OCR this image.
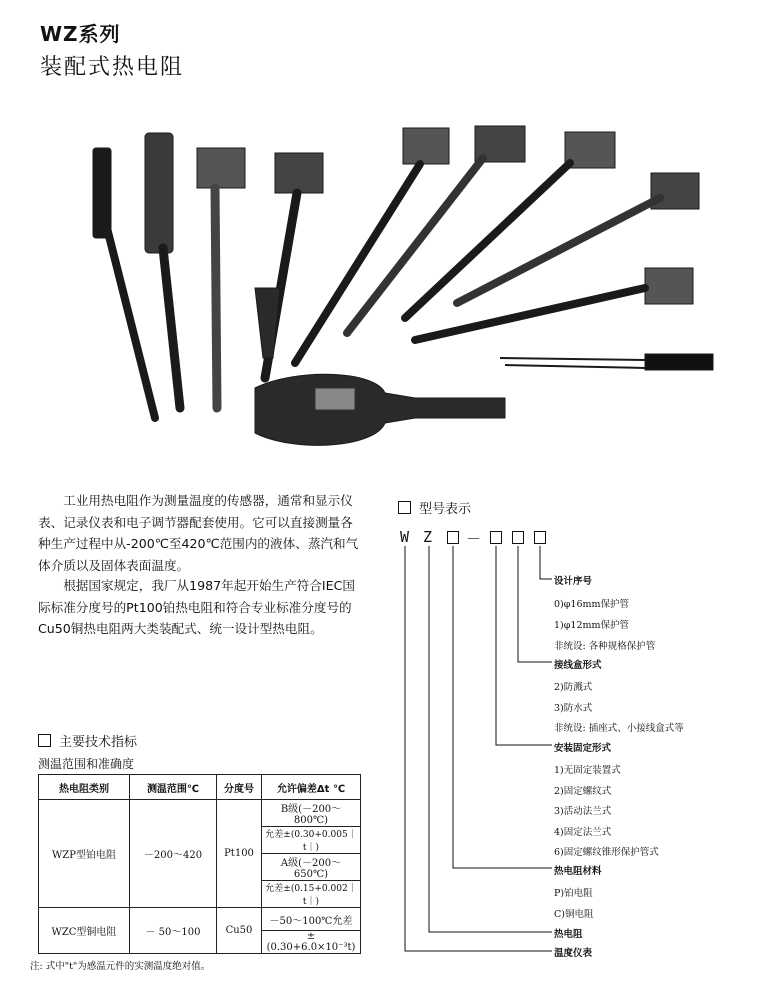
WZ系列
装配式热电阻

工业用热电阻作为测量温度的传感器，通常和显示仪表、记录仪表和电子调节器配套使用。它可以直接测量各种生产过程中从-200℃至420℃范围内的液体、蒸汽和气体介质以及固体表面温度。

根据国家规定，我厂从1987年起开始生产符合IEC国际标准分度号的Pt100铂热电阻和符合专业标准分度号的Cu50铜热电阻两大类装配式、统一设计型热电阻。

主要技术指标
测温范围和准确度
热电阻类别	测温范围℃	分度号	允许偏差Δt ℃
WZP型铂电阻	－200～420	Pt100	B级(－200～800℃)
			允差±(0.30+0.005｜t｜)
			A级(－200～650℃)
			允差±(0.15+0.002｜t｜)
WZC型铜电阻	－ 50～100	Cu50	－50～100℃允差
			±(0.30+6.0×10⁻³t)
注: 式中"t"为感温元件的实测温度绝对值。
型号表示
W Z －
设计序号
0)φ16mm保护管
1)φ12mm保护管
非统设: 各种规格保护管
接线盒形式
2)防溅式
3)防水式
非统设: 插座式、小接线盒式等
安装固定形式
1)无固定装置式
2)固定螺纹式
3)活动法兰式
4)固定法兰式
6)固定螺纹锥形保护管式
热电阻材料
P)铂电阻
C)铜电阻
热电阻
温度仪表
